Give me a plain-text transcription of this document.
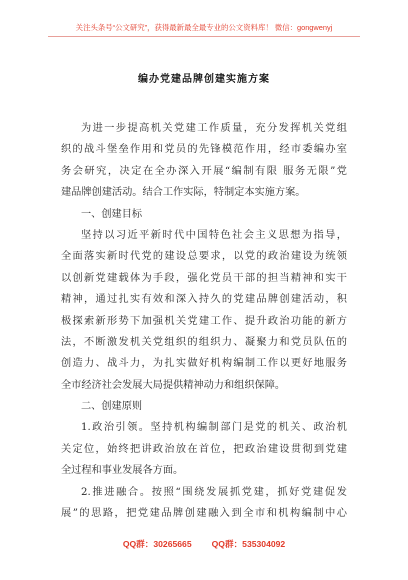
关注头条号“公文研究”，获得最新最全最专业的公文资料库！ 微信：gongwenyj
编办党建品牌创建实施方案
为进一步提高机关党建工作质量，充分发挥机关党组
织的战斗堡垒作用和党员的先锋模范作用，经市委编办室
务会研究，决定在全办深入开展“编制有限 服务无限”党
建品牌创建活动。结合工作实际，特制定本实施方案。
一、创建目标
坚持以习近平新时代中国特色社会主义思想为指导，
全面落实新时代党的建设总要求，以党的政治建设为统领
以创新党建载体为手段，强化党员干部的担当精神和实干
精神，通过扎实有效和深入持久的党建品牌创建活动，积
极探索新形势下加强机关党建工作、提升政治功能的新方
法，不断激发机关党组织的组织力、凝聚力和党员队伍的
创造力、战斗力，为扎实做好机构编制工作以更好地服务
全市经济社会发展大局提供精神动力和组织保障。
二、创建原则
1.政治引领。坚持机构编制部门是党的机关、政治机
关定位，始终把讲政治放在首位，把政治建设贯彻到党建
全过程和事业发展各方面。
2.推进融合。按照“围绕发展抓党建，抓好党建促发
展”的思路，把党建品牌创建融入到全市和机构编制中心
QQ群：30265665 QQ群：535304092
